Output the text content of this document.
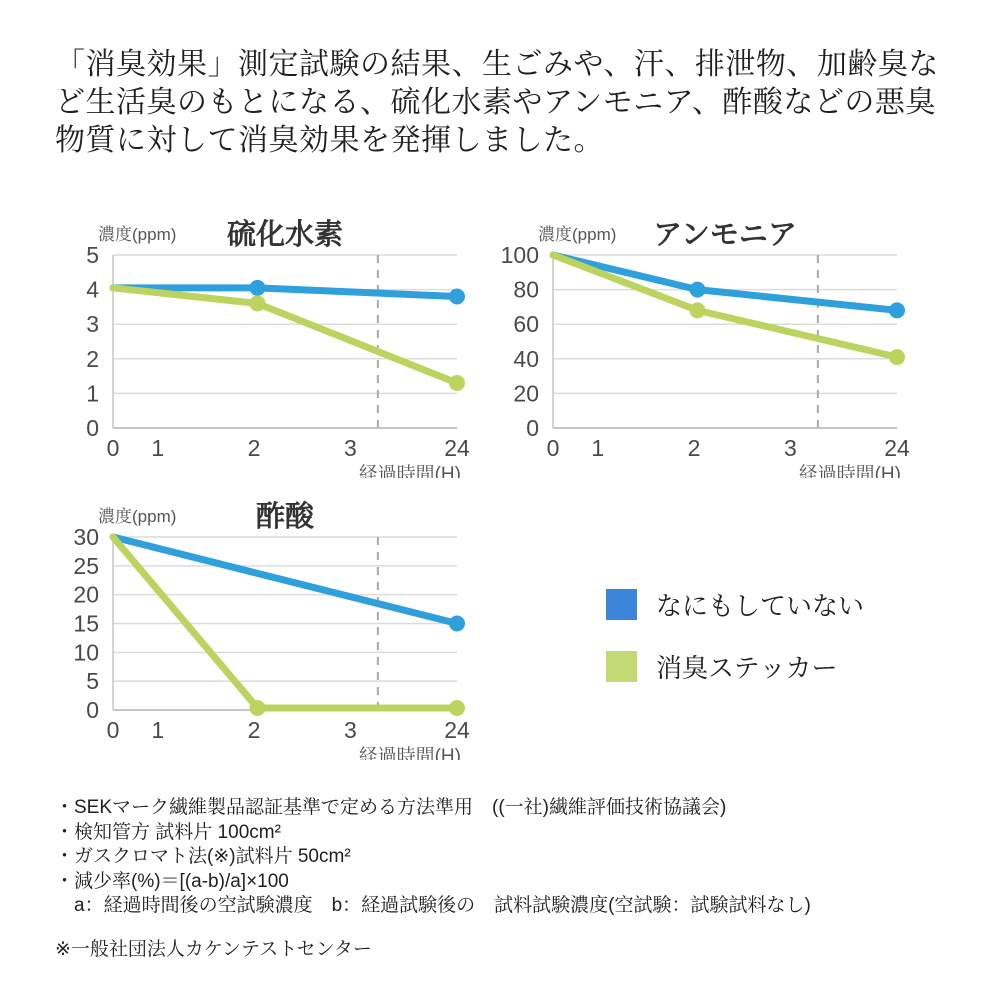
「消臭効果」測定試験の結果、生ごみや、汗、排泄物、加齢臭など生活臭のもとになる、硫化水素やアンモニア、酢酸などの悪臭物質に対して消臭効果を発揮しました。

0
1
2
3
4
5
0 1	2	3	24
硫化水素
濃度(ppm)
経過時間(H)
0
20
40
60
80
100
0 1	2	3	24
アンモニア
濃度(ppm)
経過時間(H)
0
5
10
15
20
25
30
0 1	2	3	24
酢酸
濃度(ppm)
経過時間(H)
なにもしていない
消臭ステッカー
・SEKマーク繊維製品認証基準で定める方法準用　((一社)繊維評価技術協議会)
・検知管方 試料片 100cm²
・ガスクロマト法(※)試料片 50cm²
・減少率(%)＝[(a-b)/a]×100
　a：経過時間後の空試験濃度　b：経過試験後の　試料試験濃度(空試験：試験試料なし)

※一般社団法人カケンテストセンター
